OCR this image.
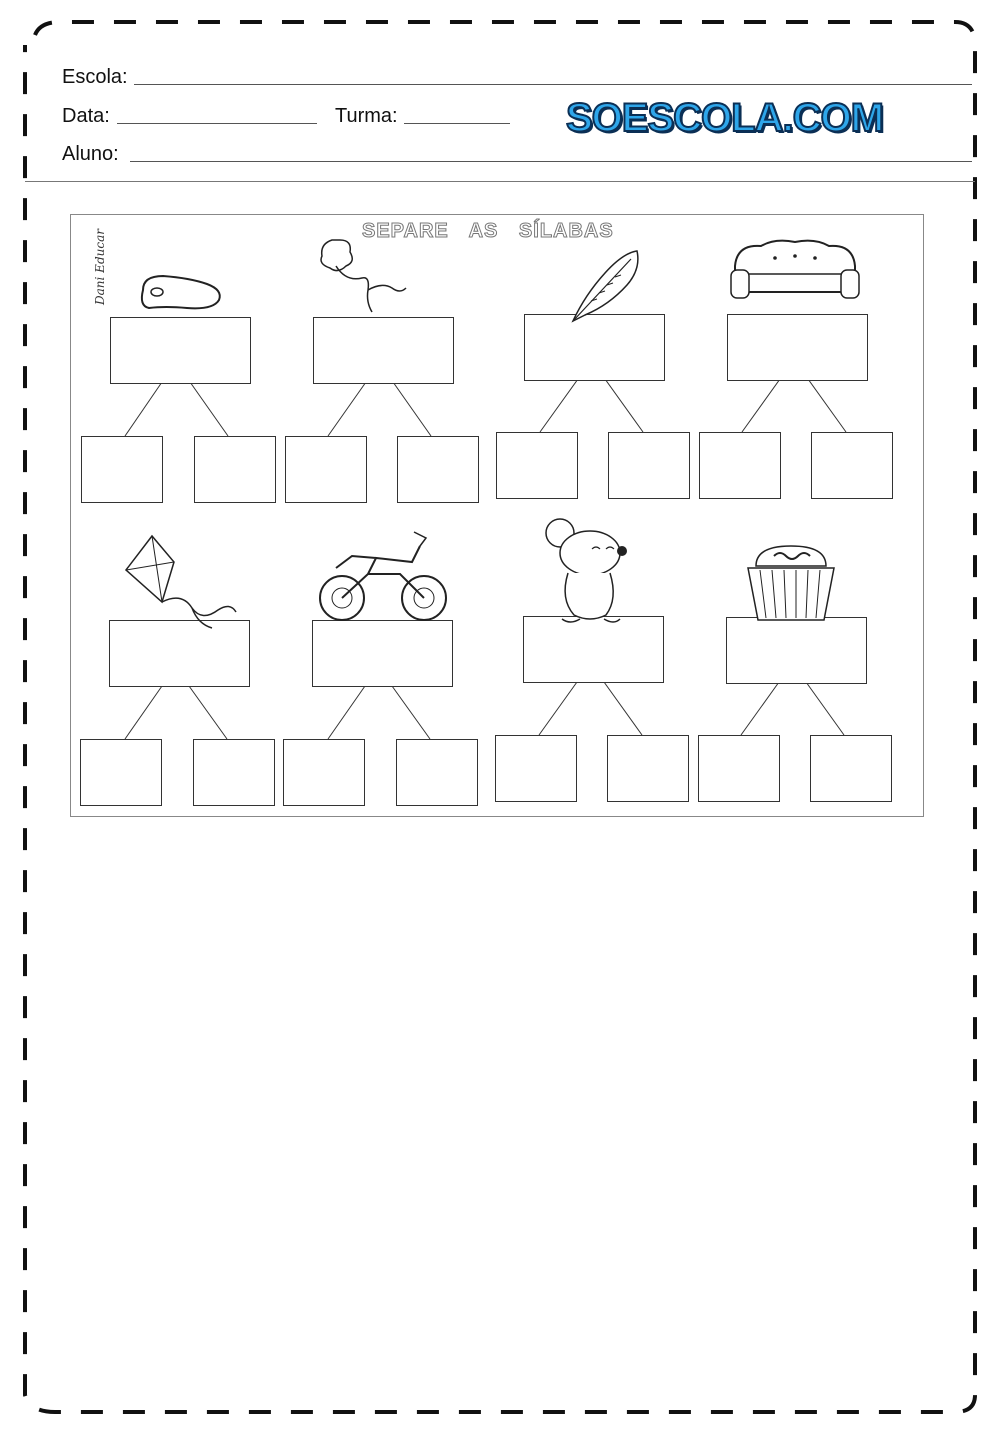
Escola:
Data:	Turma:
Aluno:
SOESCOLA.COM
SEPARE AS SÍLABAS
Dani Educar
